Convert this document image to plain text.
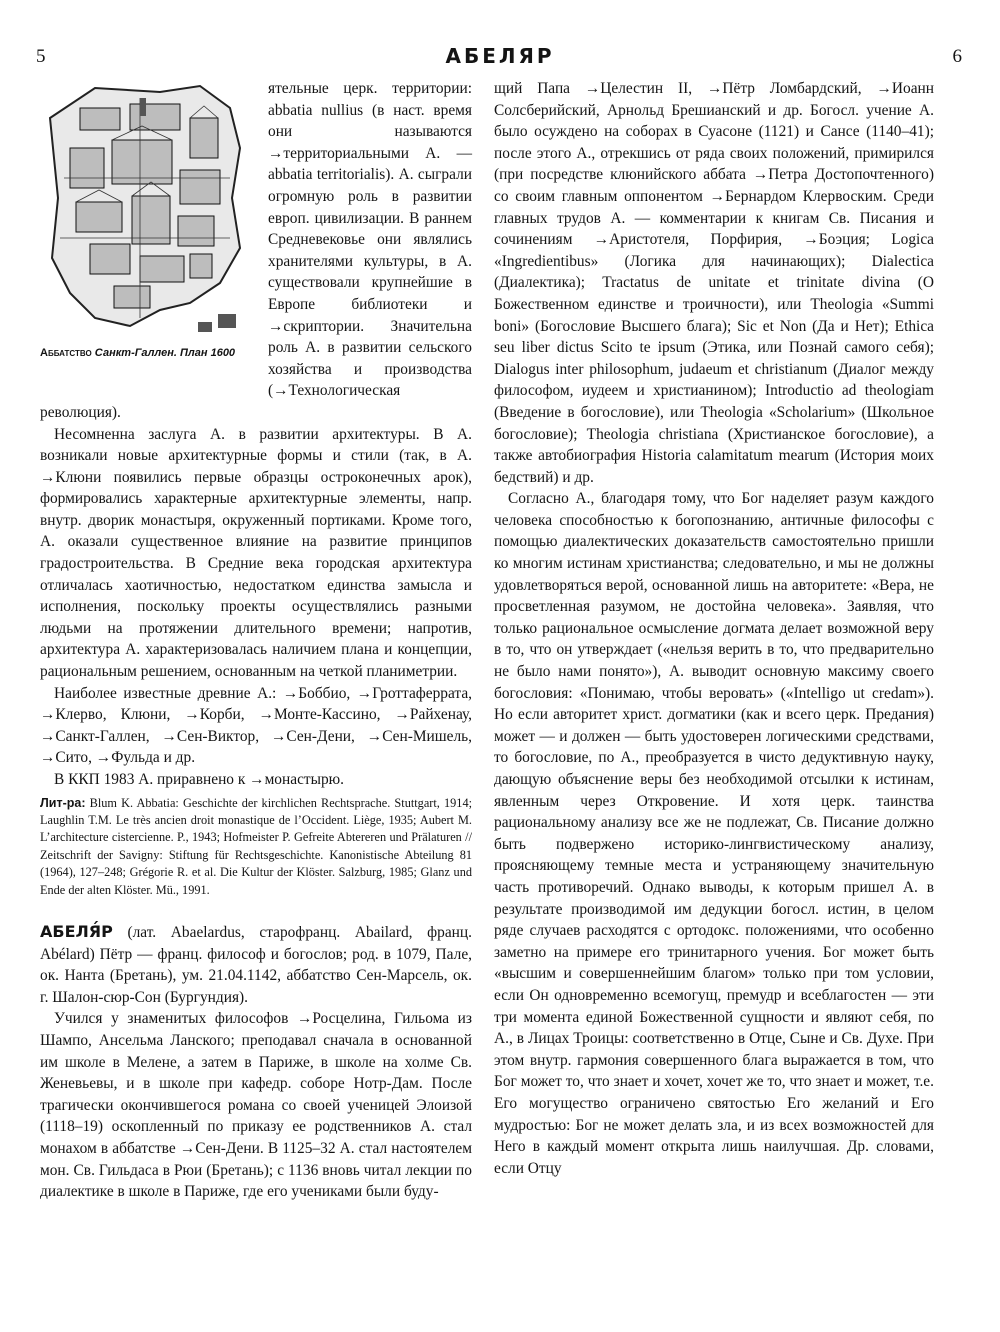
5	АБЕЛЯР	6
Аббатство Санкт-Галлен. План 1600

ятельные церк. территории: abbatia nullius (в наст. время они называются →территориальными А. — abbatia territorialis). А. сыграли огромную роль в развитии европ. цивилизации. В раннем Средневековье они являлись хранителями культуры, в А. существовали крупнейшие в Европе библиотеки и →скриптории. Значительна роль А. в развитии сельского хозяйства и производства (→Технологическая революция).

Несомненна заслуга А. в развитии архитектуры. В А. возникали новые архитектурные формы и стили (так, в А. →Клюни появились первые образцы остроконечных арок), формировались характерные архитектурные элементы, напр. внутр. дворик монастыря, окруженный портиками. Кроме того, А. оказали существенное влияние на развитие принципов градостроительства. В Средние века городская архитектура отличалась хаотичностью, недостатком единства замысла и исполнения, поскольку проекты осуществлялись разными людьми на протяжении длительного времени; напротив, архитектура А. характеризовалась наличием плана и концепции, рациональным решением, основанным на четкой планиметрии.

Наиболее известные древние А.: →Боббио, →Гроттаферрата, →Клерво, Клюни, →Корби, →Монте-Кассино, →Райхенау, →Санкт-Галлен, →Сен-Виктор, →Сен-Дени, →Сен-Мишель, →Сито, →Фульда и др.

В ККП 1983 А. приравнено к →монастырю.

Лит-ра: Blum K. Abbatia: Geschichte der kirchlichen Rechtsprache. Stuttgart, 1914; Laughlin T.M. Le très ancien droit monastique de l’Occident. Liège, 1935; Aubert M. L’architecture cistercienne. P., 1943; Hofmeister P. Gefreite Abtereren und Prälaturen // Zeitschrift der Savigny: Stiftung für Rechtsgeschichte. Kanonistische Abteilung 81 (1964), 127–248; Grégorie R. et al. Die Kultur der Klöster. Salzburg, 1985; Glanz und Ende der alten Klöster. Mü., 1991.

АБЕЛЯ́Р (лат. Abaelardus, старофранц. Abailard, франц. Abélard) Пётр — франц. философ и богослов; род. в 1079, Пале, ок. Нанта (Бретань), ум. 21.04.1142, аббатство Сен-Марсель, ок. г. Шалон-сюр-Сон (Бургундия).

Учился у знаменитых философов →Росцелина, Гильома из Шампо, Ансельма Ланского; преподавал сначала в основанной им школе в Мелене, а затем в Париже, в школе на холме Св. Женевьевы, и в школе при кафедр. соборе Нотр-Дам. После трагически окончившегося романа со своей ученицей Элоизой (1118–19) оскопленный по приказу ее родственников А. стал монахом в аббатстве →Сен-Дени. В 1125–32 А. стал настоятелем мон. Св. Гильдаса в Рюи (Бретань); с 1136 вновь читал лекции по диалектике в школе в Париже, где его учениками были буду-

щий Папа →Целестин II, →Пётр Ломбардский, →Иоанн Солсберийский, Арнольд Брешианский и др. Богосл. учение А. было осуждено на соборах в Суасоне (1121) и Сансе (1140–41); после этого А., отрекшись от ряда своих положений, примирился (при посредстве клюнийского аббата →Петра Достопочтенного) со своим главным оппонентом →Бернардом Клервоским. Среди главных трудов А. — комментарии к книгам Св. Писания и сочинениям →Аристотеля, Порфирия, →Боэция; Logica «Ingredientibus» (Логика для начинающих); Dialectica (Диалектика); Tractatus de unitate et trinitate divina (О Божественном единстве и троичности), или Theologia «Summi boni» (Богословие Высшего блага); Sic et Non (Да и Нет); Ethica seu liber dictus Scito te ipsum (Этика, или Познай самого себя); Dialogus inter philosophum, judaeum et christianum (Диалог между философом, иудеем и христианином); Introductio ad theologiam (Введение в богословие), или Theologia «Scholarium» (Школьное богословие); Theologia christiana (Христианское богословие), а также автобиография Historia calamitatum mearum (История моих бедствий) и др.

Согласно А., благодаря тому, что Бог наделяет разум каждого человека способностью к богопознанию, античные философы с помощью диалектических доказательств самостоятельно пришли ко многим истинам христианства; следовательно, и мы не должны удовлетворяться верой, основанной лишь на авторитете: «Вера, не просветленная разумом, не достойна человека». Заявляя, что только рациональное осмысление догмата делает возможной веру в то, что он утверждает («нельзя верить в то, что предварительно не было нами понято»), А. выводит основную максиму своего богословия: «Понимаю, чтобы веровать» («Intelligo ut credam»). Но если авторитет христ. догматики (как и всего церк. Предания) может — и должен — быть удостоверен логическими средствами, то богословие, по А., преобразуется в чисто дедуктивную науку, дающую объяснение веры без необходимой отсылки к истинам, явленным через Откровение. И хотя церк. таинства рациональному анализу все же не подлежат, Св. Писание должно быть подвержено историко-лингвистическому анализу, проясняющему темные места и устраняющему значительную часть противоречий. Однако выводы, к которым пришел А. в результате производимой им дедукции богосл. истин, в целом ряде случаев расходятся с ортодокс. положениями, что особенно заметно на примере его тринитарного учения. Бог может быть «высшим и совершеннейшим благом» только при том условии, если Он одновременно всемогущ, премудр и всеблагостен — эти три момента единой Божественной сущности и являют себя, по А., в Лицах Троицы: соответственно в Отце, Сыне и Св. Духе. При этом внутр. гармония совершенного блага выражается в том, что Бог может то, что знает и хочет, хочет же то, что знает и может, т.е. Его могущество ограничено святостью Его желаний и Его мудростью: Бог не может делать зла, и из всех возможностей для Него в каждый момент открыта лишь наилучшая. Др. словами, если Отцу
